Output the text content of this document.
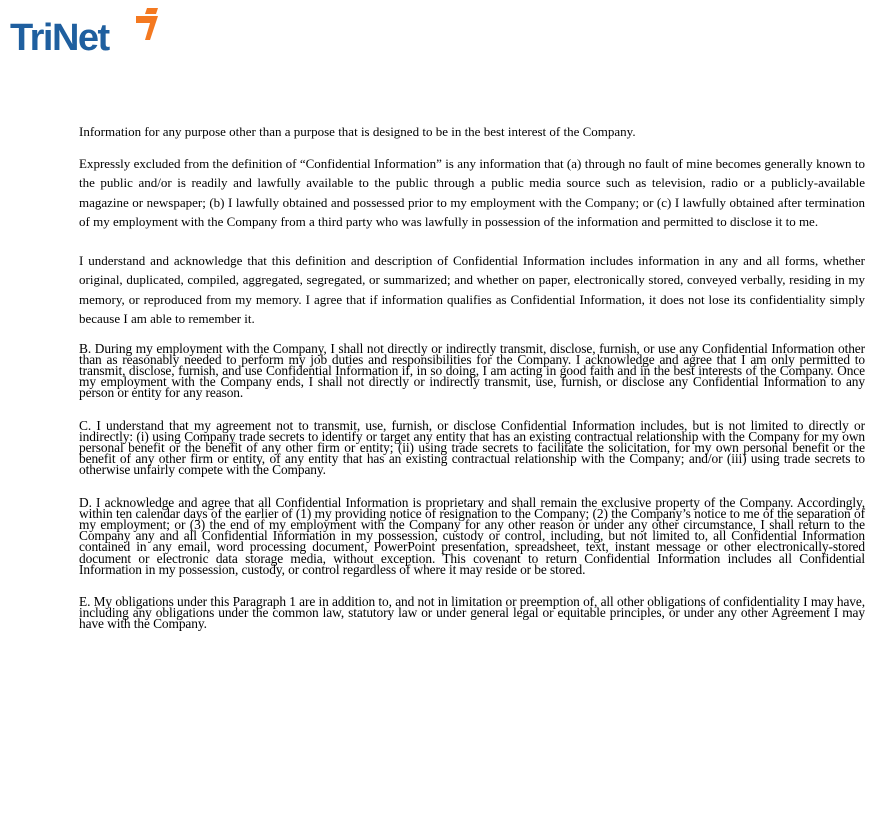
TriNet

Information for any purpose other than a purpose that is designed to be in the best interest of the Company.

Expressly excluded from the definition of “Confidential Information” is any information that (a) through no fault of mine becomes generally known to the public and/or is readily and lawfully available to the public through a public media source such as television, radio or a publicly-available magazine or newspaper; (b) I lawfully obtained and possessed prior to my employment with the Company; or (c) I lawfully obtained after termination of my employment with the Company from a third party who was lawfully in possession of the information and permitted to disclose it to me.

I understand and acknowledge that this definition and description of Confidential Information includes information in any and all forms, whether original, duplicated, compiled, aggregated, segregated, or summarized; and whether on paper, electronically stored, conveyed verbally, residing in my memory, or reproduced from my memory. I agree that if information qualifies as Confidential Information, it does not lose its confidentiality simply because I am able to remember it.

B. During my employment with the Company, I shall not directly or indirectly transmit, disclose, furnish, or use any Confidential Information other than as reasonably needed to perform my job duties and responsibilities for the Company. I acknowledge and agree that I am only permitted to transmit, disclose, furnish, and use Confidential Information if, in so doing, I am acting in good faith and in the best interests of the Company. Once my employment with the Company ends, I shall not directly or indirectly transmit, use, furnish, or disclose any Confidential Information to any person or entity for any reason.

C. I understand that my agreement not to transmit, use, furnish, or disclose Confidential Information includes, but is not limited to directly or indirectly: (i) using Company trade secrets to identify or target any entity that has an existing contractual relationship with the Company for my own personal benefit or the benefit of any other firm or entity; (ii) using trade secrets to facilitate the solicitation, for my own personal benefit or the benefit of any other firm or entity, of any entity that has an existing contractual relationship with the Company; and/or (iii) using trade secrets to otherwise unfairly compete with the Company.

D. I acknowledge and agree that all Confidential Information is proprietary and shall remain the exclusive property of the Company. Accordingly, within ten calendar days of the earlier of (1) my providing notice of resignation to the Company; (2) the Company’s notice to me of the separation of my employment; or (3) the end of my employment with the Company for any other reason or under any other circumstance, I shall return to the Company any and all Confidential Information in my possession, custody or control, including, but not limited to, all Confidential Information contained in any email, word processing document, PowerPoint presentation, spreadsheet, text, instant message or other electronically-stored document or electronic data storage media, without exception. This covenant to return Confidential Information includes all Confidential Information in my possession, custody, or control regardless of where it may reside or be stored.

E. My obligations under this Paragraph 1 are in addition to, and not in limitation or preemption of, all other obligations of confidentiality I may have, including any obligations under the common law, statutory law or under general legal or equitable principles, or under any other Agreement I may have with the Company.
